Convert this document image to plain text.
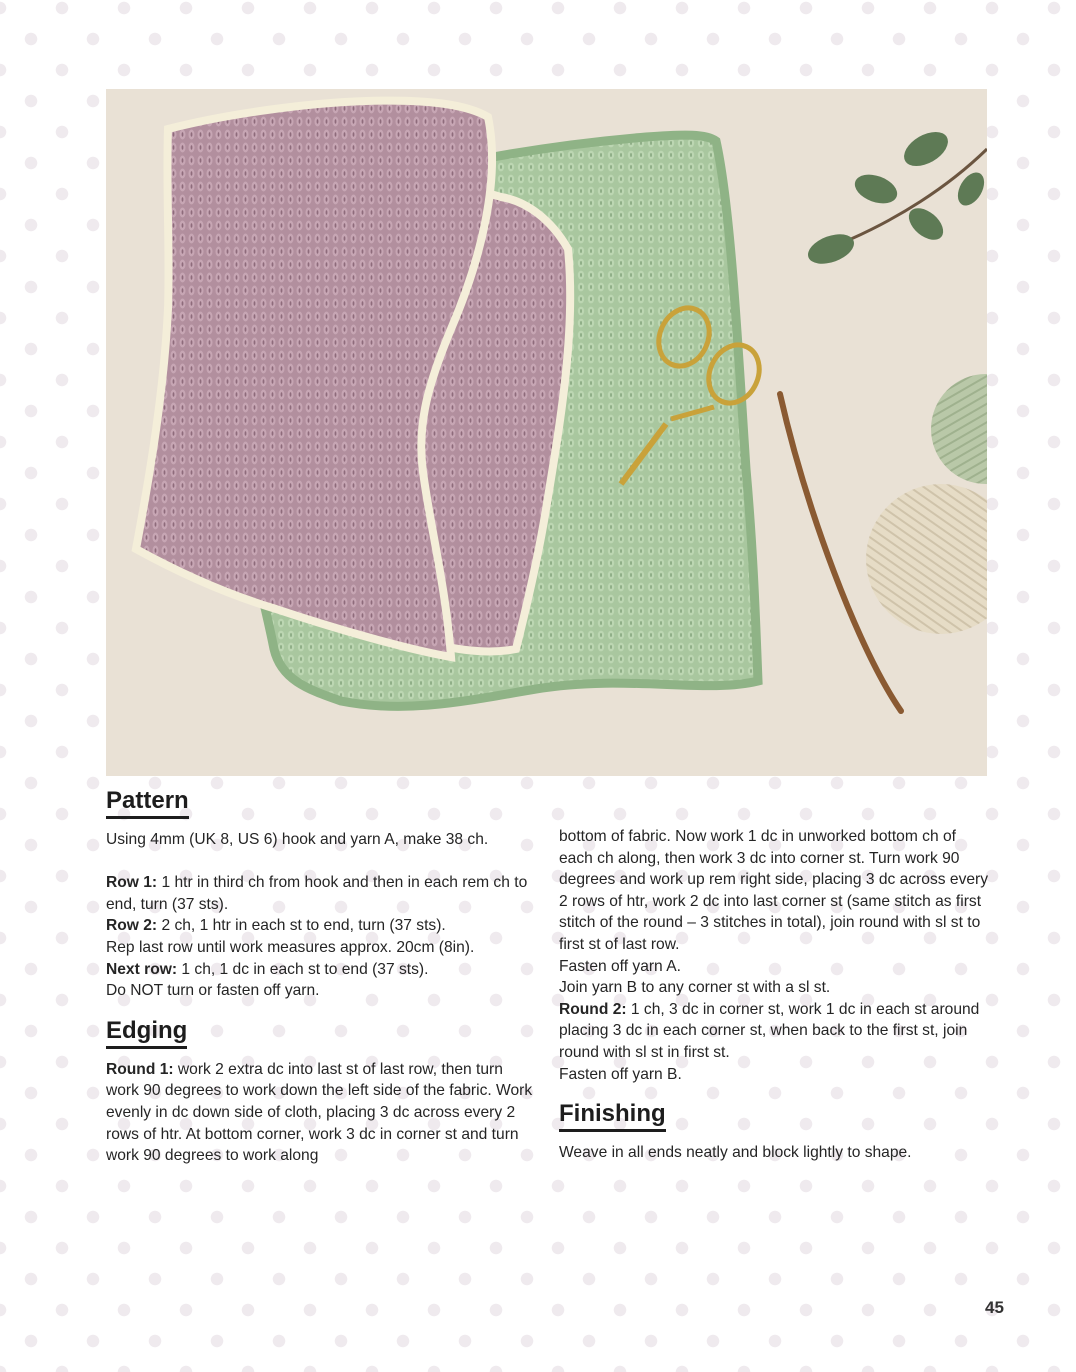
Pattern

Using 4mm (UK 8, US 6) hook and yarn A, make 38 ch.

Row 1: 1 htr in third ch from hook and then in each rem ch to end, turn (37 sts).

Row 2: 2 ch, 1 htr in each st to end, turn (37 sts).

Rep last row until work measures approx. 20cm (8in).

Next row: 1 ch, 1 dc in each st to end (37 sts).

Do NOT turn or fasten off yarn.

Edging

Round 1: work 2 extra dc into last st of last row, then turn work 90 degrees to work down the left side of the fabric. Work evenly in dc down side of cloth, placing 3 dc across every 2 rows of htr. At bottom corner, work 3 dc in corner st and turn work 90 degrees to work along

bottom of fabric. Now work 1 dc in unworked bottom ch of each ch along, then work 3 dc into corner st. Turn work 90 degrees and work up rem right side, placing 3 dc across every 2 rows of htr, work 2 dc into last corner st (same stitch as first stitch of the round – 3 stitches in total), join round with sl st to first st of last row.

Fasten off yarn A.

Join yarn B to any corner st with a sl st.

Round 2: 1 ch, 3 dc in corner st, work 1 dc in each st around placing 3 dc in each corner st, when back to the first st, join round with sl st in first st.

Fasten off yarn B.

Finishing

Weave in all ends neatly and block lightly to shape.

45
